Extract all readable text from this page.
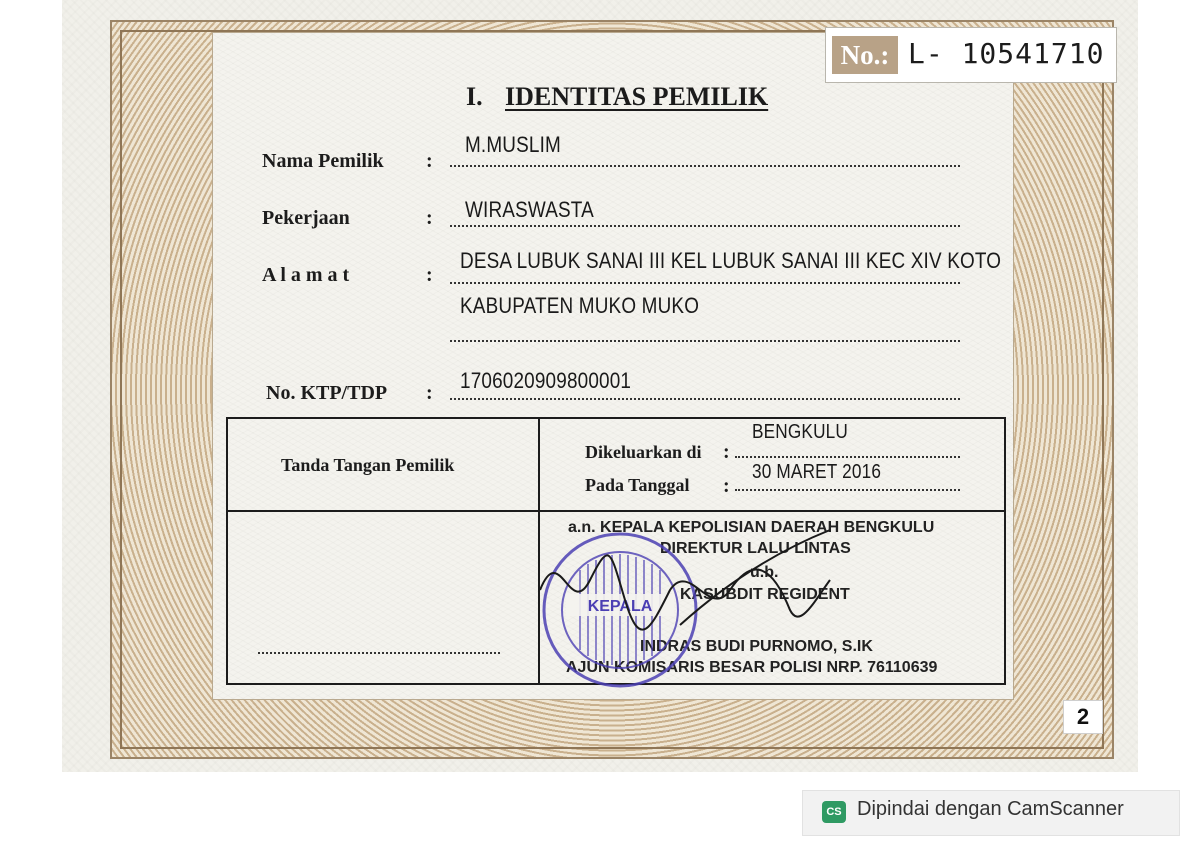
No.: L- 10541710
I. IDENTITAS PEMILIK
Nama Pemilik :
M.MUSLIM
Pekerjaan	: WIRASWASTA
A l a m a t	:
DESA LUBUK SANAI III KEL LUBUK SANAI III KEC XIV KOTO
KABUPATEN MUKO MUKO
No. KTP/TDP : 1706020909800001
Tanda Tangan Pemilik
Dikeluarkan di :
BENGKULU
Pada Tanggal :
30 MARET 2016
a.n. KEPALA KEPOLISIAN DAERAH BENGKULU
DIREKTUR LALU LINTAS
u.b.
KASUBDIT REGIDENT
INDRAS BUDI PURNOMO, S.IK
AJUN KOMISARIS BESAR POLISI NRP. 76110639
KEPALA
2
CS Dipindai dengan CamScanner
